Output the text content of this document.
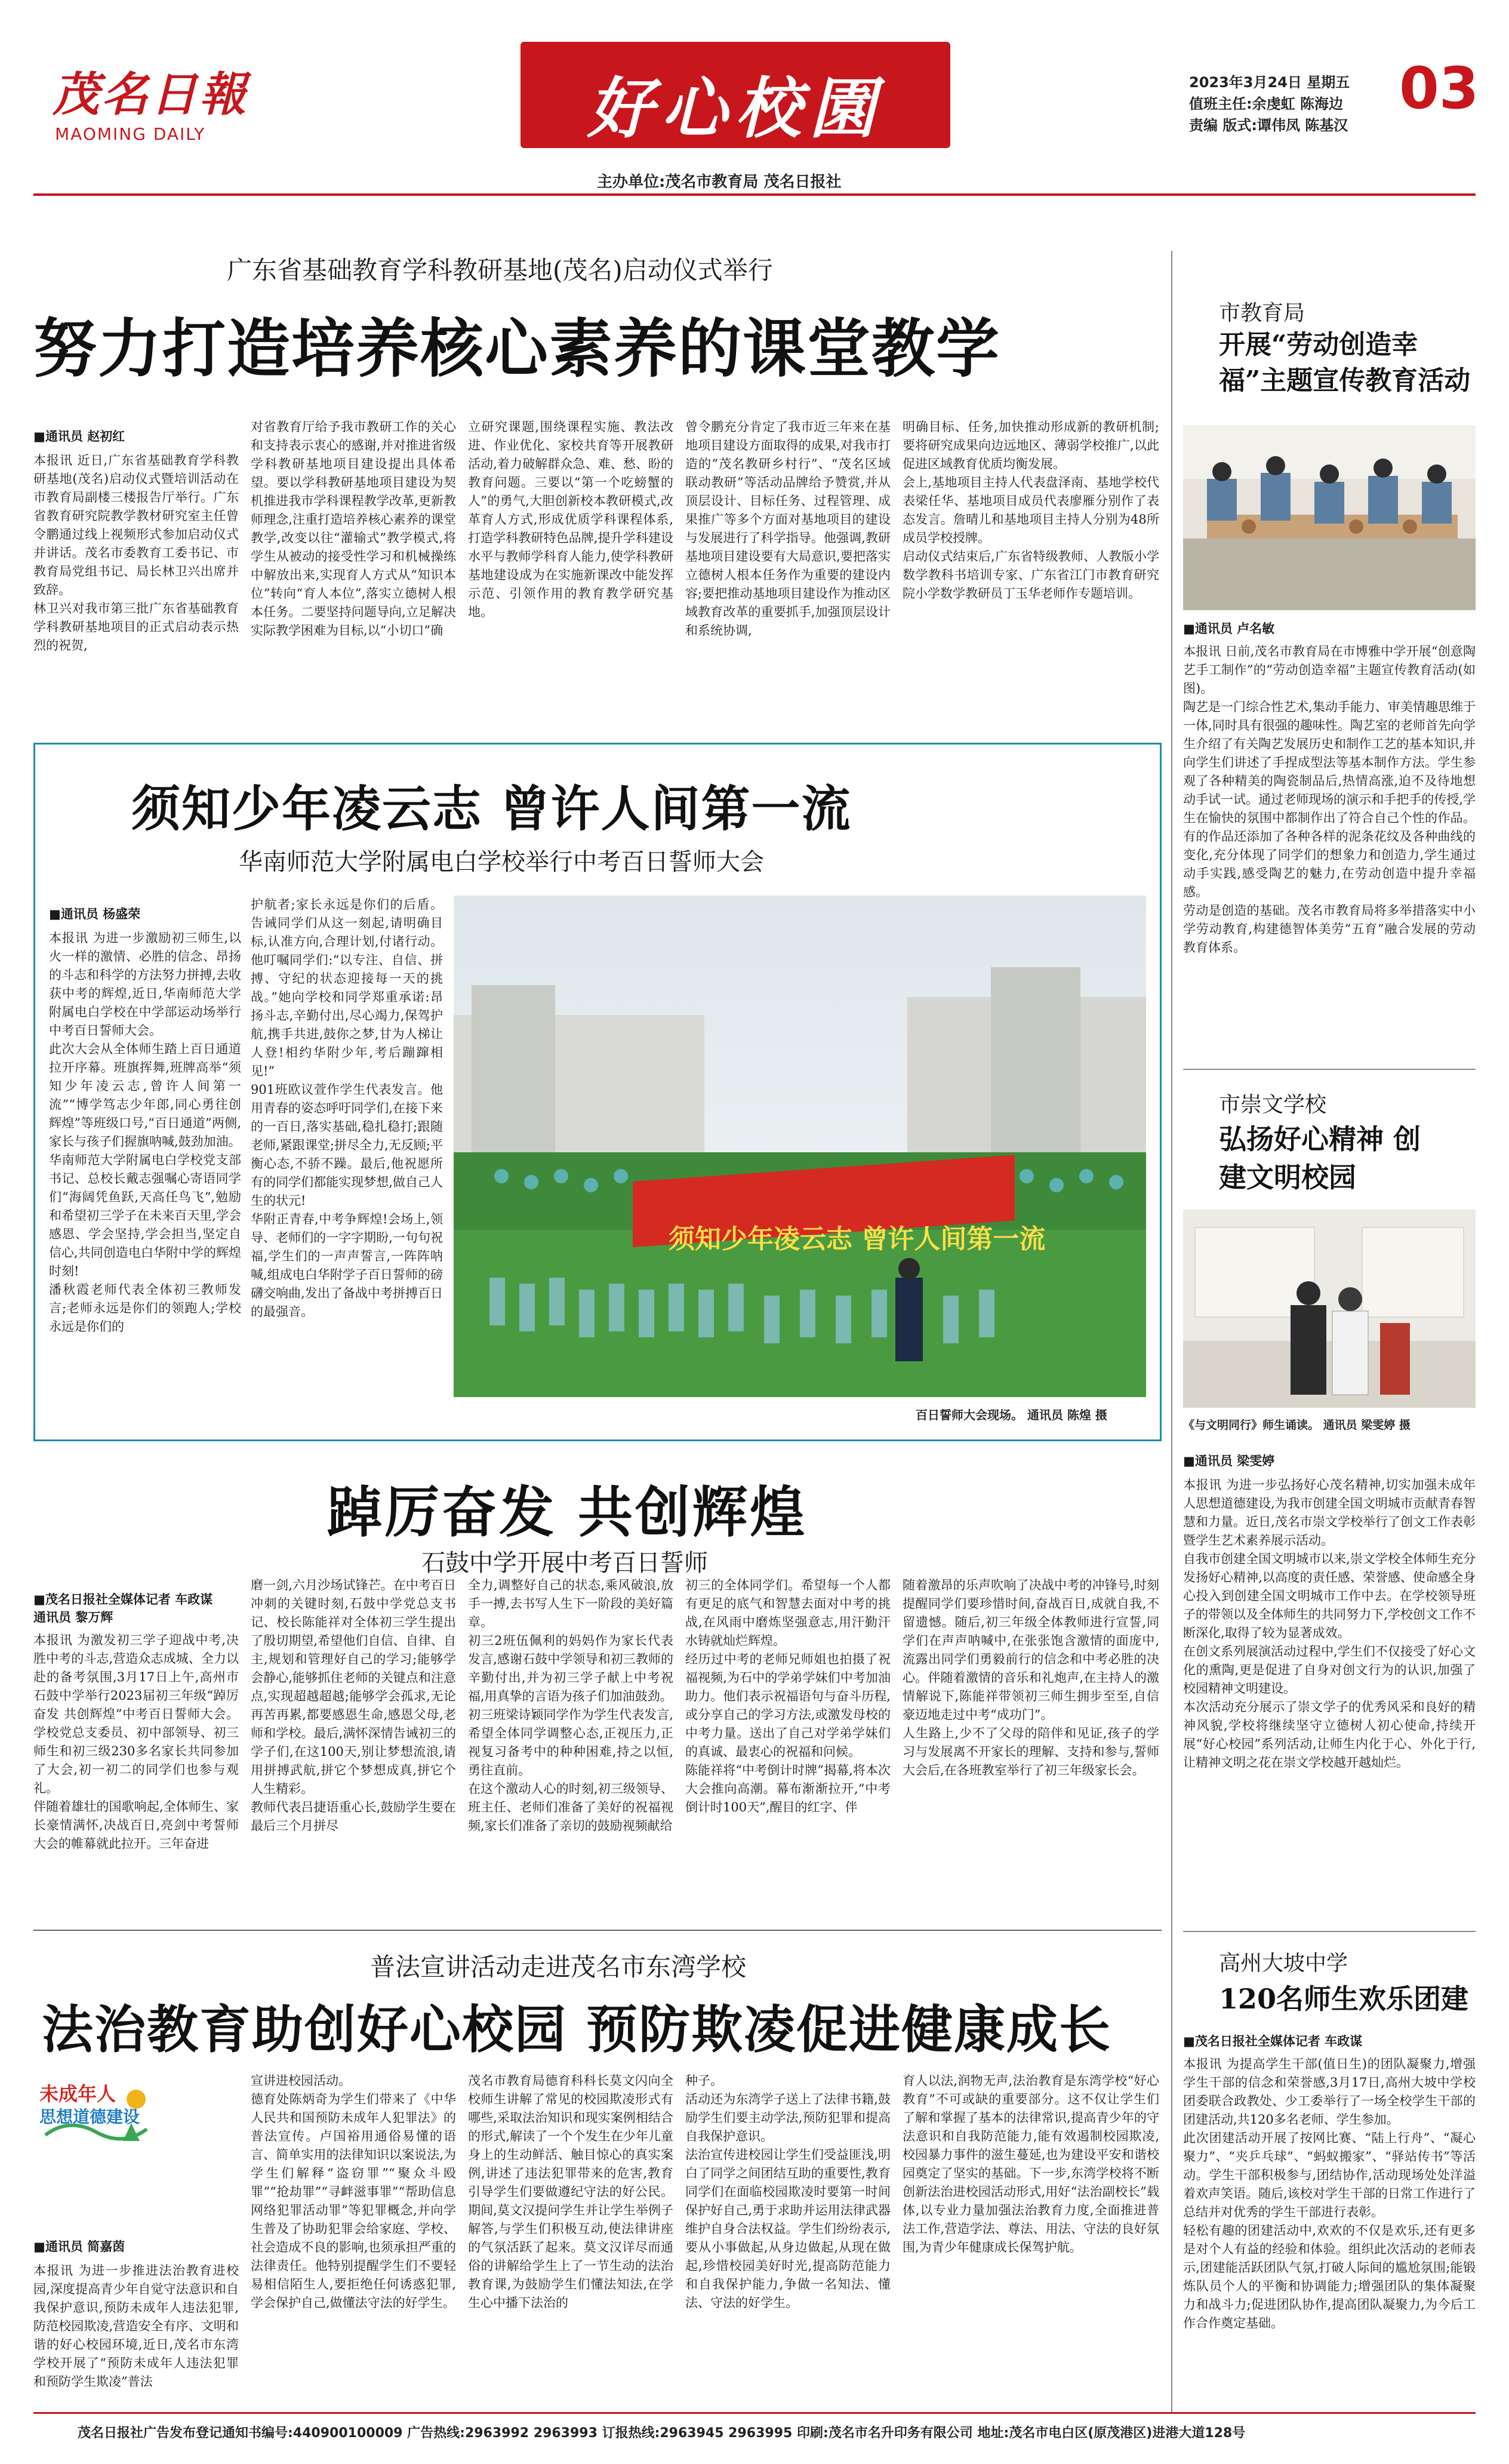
茂名日報
MAOMING DAILY	好心校園
主办单位:茂名市教育局 茂名日报社
2023年3月24日 星期五
值班主任:余虔虹 陈海边
责编 版式:谭伟凤 陈基汉
03
广东省基础教育学科教研基地(茂名)启动仪式举行
努力打造培养核心素养的课堂教学
■通讯员 赵初红
本报讯 近日,广东省基础教育学科教研基地(茂名)启动仪式暨培训活动在市教育局副楼三楼报告厅举行。广东省教育研究院教学教材研究室主任曾令鹏通过线上视频形式参加启动仪式并讲话。茂名市委教育工委书记、市教育局党组书记、局长林卫兴出席并致辞。
林卫兴对我市第三批广东省基础教育学科教研基地项目的正式启动表示热烈的祝贺,
对省教育厅给予我市教研工作的关心和支持表示衷心的感谢,并对推进省级学科教研基地项目建设提出具体希望。要以学科教研基地项目建设为契机推进我市学科课程教学改革,更新教师理念,注重打造培养核心素养的课堂教学,改变以往“灌输式”教学模式,将学生从被动的接受性学习和机械操练中解放出来,实现育人方式从“知识本位”转向“育人本位”,落实立德树人根本任务。二要坚持问题导向,立足解决实际教学困难为目标,以“小切口”确
立研究课题,围绕课程实施、教法改进、作业优化、家校共育等开展教研活动,着力破解群众急、难、愁、盼的教育问题。三要以“第一个吃螃蟹的人”的勇气,大胆创新校本教研模式,改革育人方式,形成优质学科课程体系,打造学科教研特色品牌,提升学科建设水平与教师学科育人能力,使学科教研基地建设成为在实施新课改中能发挥示范、引领作用的教育教学研究基地。
曾令鹏充分肯定了我市近三年来在基地项目建设方面取得的成果,对我市打造的“茂名教研乡村行”、“茂名区域联动教研”等活动品牌给予赞赏,并从顶层设计、目标任务、过程管理、成果推广等多个方面对基地项目的建设与发展进行了科学指导。他强调,教研基地项目建设要有大局意识,要把落实立德树人根本任务作为重要的建设内容;要把推动基地项目建设作为推动区域教育改革的重要抓手,加强顶层设计和系统协调,
明确目标、任务,加快推动形成新的教研机制;要将研究成果向边远地区、薄弱学校推广,以此促进区域教育优质均衡发展。
会上,基地项目主持人代表盘泽南、基地学校代表梁任华、基地项目成员代表廖雁分别作了表态发言。詹晴儿和基地项目主持人分别为48所成员学校授牌。
启动仪式结束后,广东省特级教师、人教版小学数学教科书培训专家、广东省江门市教育研究院小学数学教研员丁玉华老师作专题培训。
须知少年凌云志 曾许人间第一流
华南师范大学附属电白学校举行中考百日誓师大会
■通讯员 杨盛荣
本报讯 为进一步激励初三师生,以火一样的激情、必胜的信念、昂扬的斗志和科学的方法努力拼搏,去收获中考的辉煌,近日,华南师范大学附属电白学校在中学部运动场举行中考百日誓师大会。
此次大会从全体师生踏上百日通道拉开序幕。班旗挥舞,班牌高举“须知少年凌云志,曾许人间第一流”“博学笃志少年郎,同心勇往创辉煌”等班级口号,“百日通道”两侧,家长与孩子们握旗呐喊,鼓劲加油。
华南师范大学附属电白学校党支部书记、总校长戴志强嘱心寄语同学们“海阔凭鱼跃,天高任鸟飞”,勉励和希望初三学子在未来百天里,学会感恩、学会坚持,学会担当,坚定自信心,共同创造电白华附中学的辉煌时刻!
潘秋霞老师代表全体初三教师发言;老师永远是你们的领跑人;学校永远是你们的
护航者;家长永远是你们的后盾。告诫同学们从这一刻起,请明确目标,认准方向,合理计划,付诸行动。他叮嘱同学们:“以专注、自信、拼搏、守纪的状态迎接每一天的挑战。”她向学校和同学郑重承诺:昂扬斗志,辛勤付出,尽心竭力,保驾护航,携手共进,鼓你之梦,甘为人梯让人登!相约华附少年,考后蹦蹿相见!”
901班欧议萱作学生代表发言。他用青春的姿态呼吁同学们,在接下来的一百日,落实基础,稳扎稳打;跟随老师,紧跟课堂;拼尽全力,无反顾;平衡心态,不骄不躁。最后,他祝愿所有的同学们都能实现梦想,做自己人生的状元!
华附正青春,中考争辉煌!会场上,领导、老师们的一字字期盼,一句句祝福,学生们的一声声誓言,一阵阵呐喊,组成电白华附学子百日誓师的磅礴交响曲,发出了备战中考拼搏百日的最强音。
须知少年凌云志 曾许人间第一流
百日誓师大会现场。 通讯员 陈煌 摄
踔厉奋发 共创辉煌
石鼓中学开展中考百日誓师
■茂名日报社全媒体记者 车政谋
通讯员 黎万辉
本报讯 为激发初三学子迎战中考,决胜中考的斗志,营造众志成城、全力以赴的备考氛围,3月17日上午,高州市石鼓中学举行2023届初三年级“踔厉奋发 共创辉煌”中考百日誓师大会。学校党总支委员、初中部领导、初三师生和初三级230多名家长共同参加了大会,初一初二的同学们也参与观礼。
伴随着雄壮的国歌响起,全体师生、家长豪情满怀,决战百日,亮剑中考誓师大会的帷幕就此拉开。三年奋进
磨一剑,六月沙场试锋芒。在中考百日冲刺的关键时刻,石鼓中学党总支书记、校长陈能祥对全体初三学生提出了殷切期望,希望他们自信、自律、自主,规划和管理好自己的学习;能够学会静心,能够抓住老师的关键点和注意点,实现超越超越;能够学会孤求,无论再苦再累,都要感恩生命,感恩父母,老师和学校。最后,满怀深情告诫初三的学子们,在这100天,别让梦想流浪,请用拼搏武航,拼它个梦想成真,拼它个人生精彩。
教师代表吕捷语重心长,鼓励学生要在最后三个月拼尽
全力,调整好自己的状态,乘风破浪,放手一搏,去书写人生下一阶段的美好篇章。
初三2班伍佩利的妈妈作为家长代表发言,感谢石鼓中学领导和初三教师的辛勤付出,并为初三学子献上中考祝福,用真挚的言语为孩子们加油鼓劲。
初三班梁诗颖同学作为学生代表发言,希望全体同学调整心态,正视压力,正视复习备考中的种种困难,持之以恒,勇往直前。
在这个激动人心的时刻,初三级领导、班主任、老师们准备了美好的祝福视频,家长们准备了亲切的鼓励视频献给
初三的全体同学们。希望每一个人都有更足的底气和智慧去面对中考的挑战,在风雨中磨炼坚强意志,用汗勤汗水铸就灿烂辉煌。
经历过中考的老师兄师姐也拍摄了祝福视频,为石中的学弟学妹们中考加油助力。他们表示祝福语句与奋斗历程,或分享自己的学习方法,或激发母校的中考力量。送出了自己对学弟学妹们的真诚、最衷心的祝福和问候。
陈能祥将“中考倒计时牌”揭幕,将本次大会推向高潮。幕布渐渐拉开,“中考倒计时100天”,醒目的红字、伴
随着激昂的乐声吹响了决战中考的冲锋号,时刻提醒同学们要珍惜时间,奋战百日,成就自我,不留遗憾。随后,初三年级全体教师进行宣誓,同学们在声声呐喊中,在张张饱含激情的面庞中,流露出同学们勇毅前行的信念和中考必胜的决心。伴随着激情的音乐和礼炮声,在主持人的激情解说下,陈能祥带领初三师生拥步至至,自信豪迈地走过中考“成功门”。
人生路上,少不了父母的陪伴和见证,孩子的学习与发展离不开家长的理解、支持和参与,誓师大会后,在各班教室举行了初三年级家长会。
普法宣讲活动走进茂名市东湾学校
法治教育助创好心校园 预防欺凌促进健康成长
未成年人
思想道德建设
■通讯员 简嘉茵
本报讯 为进一步推进法治教育进校园,深度提高青少年自觉守法意识和自我保护意识,预防未成年人违法犯罪,防范校园欺凌,营造安全有序、文明和谐的好心校园环境,近日,茂名市东湾学校开展了“预防未成年人违法犯罪和预防学生欺凌”普法
宣讲进校园活动。
德育处陈炳奇为学生们带来了《中华人民共和国预防未成年人犯罪法》的普法宣传。卢国裕用通俗易懂的语言、简单实用的法律知识以案说法,为学生们解释“盗窃罪”“聚众斗殴罪”“抢劫罪”“寻衅滋事罪”“帮助信息网络犯罪活动罪”等犯罪概念,并向学生普及了协助犯罪会给家庭、学校、社会造成不良的影响,也须承担严重的法律责任。他特别提醒学生们不要轻易相信陌生人,要拒绝任何诱惑犯罪,学会保护自己,做懂法守法的好学生。
茂名市教育局德育科科长莫文闪向全校师生讲解了常见的校园欺凌形式有哪些,采取法治知识和现实案例相结合的形式,解读了一个个发生在少年儿童身上的生动鲜活、触目惊心的真实案例,讲述了违法犯罪带来的危害,教育引导学生们要做遵纪守法的好公民。期间,莫文汉提问学生并让学生举例子解答,与学生们积极互动,使法律讲座的气氛活跃了起来。莫文汉详尽而通俗的讲解给学生上了一节生动的法治教育课,为鼓励学生们懂法知法,在学生心中播下法治的
种子。
活动还为东湾学子送上了法律书籍,鼓励学生们要主动学法,预防犯罪和提高自我保护意识。
法治宣传进校园让学生们受益匪浅,明白了同学之间团结互助的重要性,教育同学们在面临校园欺凌时要第一时间保护好自己,勇于求助并运用法律武器维护自身合法权益。学生们纷纷表示,要从小事做起,从身边做起,从现在做起,珍惜校园美好时光,提高防范能力和自我保护能力,争做一名知法、懂法、守法的好学生。
育人以法,润物无声,法治教育是东湾学校“好心教育”不可或缺的重要部分。这不仅让学生们了解和掌握了基本的法律常识,提高青少年的守法意识和自我防范能力,能有效遏制校园欺凌,校园暴力事件的滋生蔓延,也为建设平安和谐校园奠定了坚实的基础。下一步,东湾学校将不断创新法治进校园活动形式,用好“法治副校长”载体,以专业力量加强法治教育力度,全面推进普法工作,营造学法、尊法、用法、守法的良好氛围,为青少年健康成长保驾护航。
市教育局
开展“劳动创造幸福”主题宣传教育活动
■通讯员 卢名敏
本报讯 日前,茂名市教育局在市博雅中学开展“创意陶艺手工制作”的“劳动创造幸福”主题宣传教育活动(如图)。
陶艺是一门综合性艺术,集动手能力、审美情趣思维于一体,同时具有很强的趣味性。陶艺室的老师首先向学生介绍了有关陶艺发展历史和制作工艺的基本知识,并向学生们讲述了手捏成型法等基本制作方法。学生参观了各种精美的陶瓷制品后,热情高涨,迫不及待地想动手试一试。通过老师现场的演示和手把手的传授,学生在愉快的氛围中都制作出了符合自己个性的作品。有的作品还添加了各种各样的泥条花纹及各种曲线的变化,充分体现了同学们的想象力和创造力,学生通过动手实践,感受陶艺的魅力,在劳动创造中提升幸福感。
劳动是创造的基础。茂名市教育局将多举措落实中小学劳动教育,构建德智体美劳“五育”融合发展的劳动教育体系。
市崇文学校
弘扬好心精神 创建文明校园
《与文明同行》师生诵读。 通讯员 梁雯婷 摄
■通讯员 梁雯婷
本报讯 为进一步弘扬好心茂名精神,切实加强未成年人思想道德建设,为我市创建全国文明城市贡献青春智慧和力量。近日,茂名市崇文学校举行了创文工作表彰暨学生艺术素养展示活动。
自我市创建全国文明城市以来,崇文学校全体师生充分发扬好心精神,以高度的责任感、荣誉感、使命感全身心投入到创建全国文明城市工作中去。在学校领导班子的带领以及全体师生的共同努力下,学校创文工作不断深化,取得了较为显著成效。
在创文系列展演活动过程中,学生们不仅接受了好心文化的熏陶,更是促进了自身对创文行为的认识,加强了校园精神文明建设。
本次活动充分展示了崇文学子的优秀风采和良好的精神风貌,学校将继续坚守立德树人初心使命,持续开展“好心校园”系列活动,让师生内化于心、外化于行,让精神文明之花在崇文学校越开越灿烂。
高州大坡中学
120名师生欢乐团建
■茂名日报社全媒体记者 车政谋
本报讯 为提高学生干部(值日生)的团队凝聚力,增强学生干部的信念和荣誉感,3月17日,高州大坡中学校团委联合政教处、少工委举行了一场全校学生干部的团建活动,共120多名老师、学生参加。
此次团建活动开展了按网比赛、“陆上行舟”、“凝心聚力”、“夹乒乓球”、“蚂蚁搬家”、“驿站传书”等活动。学生干部积极参与,团结协作,活动现场处处洋溢着欢声笑语。随后,该校对学生干部的日常工作进行了总结并对优秀的学生干部进行表彰。
轻松有趣的团建活动中,欢欢的不仅是欢乐,还有更多是对个人有益的经验和体验。组织此次活动的老师表示,团建能活跃团队气氛,打破人际间的尴尬氛围;能锻炼队员个人的平衡和协调能力;增强团队的集体凝聚力和战斗力;促进团队协作,提高团队凝聚力,为今后工作合作奠定基础。
茂名日报社广告发布登记通知书编号:440900100009 广告热线:2963992 2963993 订报热线:2963945 2963995 印刷:茂名市名升印务有限公司 地址:茂名市电白区(原茂港区)进港大道128号
